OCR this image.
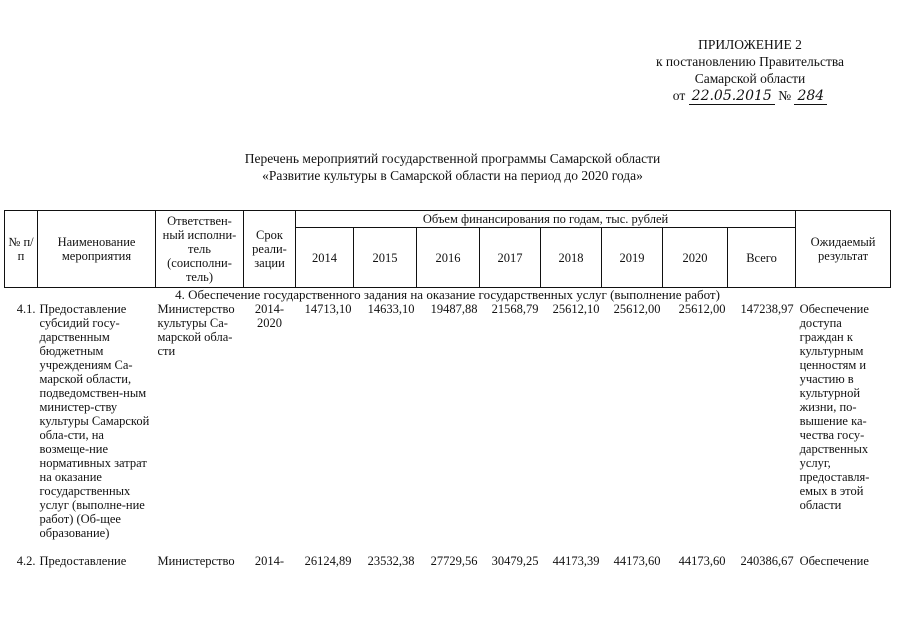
ПРИЛОЖЕНИЕ 2
к постановлению Правительства
Самарской области
от 22.05.2015 № 284
Перечень мероприятий государственной программы Самарской области
«Развитие культуры в Самарской области на период до 2020 года»
№ п/п	Наименование мероприятия	Ответствен-ный исполни-тель (соисполни-тель)	Срок реали-зации	Объем финансирования по годам, тыс. рублей								Ожидаемый результат
				2014	2015	2016	2017	2018	2019	2020	Всего	
4. Обеспечение государственного задания на оказание государственных услуг (выполнение работ)												
4.1.	Предоставление субсидий госу-дарственным бюджетным учреждениям Са-марской области, подведомствен-ным министер-ству культуры Самарской обла-сти, на возмеще-ние нормативных затрат на оказание государственных услуг (выполне-ние работ) (Об-щее образование)	Министерство культуры Са-марской обла-сти	2014-2020	14713,10	14633,10	19487,88	21568,79	25612,10	25612,00	25612,00	147238,97	Обеспечение доступа граждан к культурным ценностям и участию в культурной жизни, по-вышение ка-чества госу-дарственных услуг, предоставля-емых в этой области

4.2.	Предоставление	Министерство	2014-	26124,89	23532,38	27729,56	30479,25	44173,39	44173,60	44173,60	240386,67	Обеспечение
